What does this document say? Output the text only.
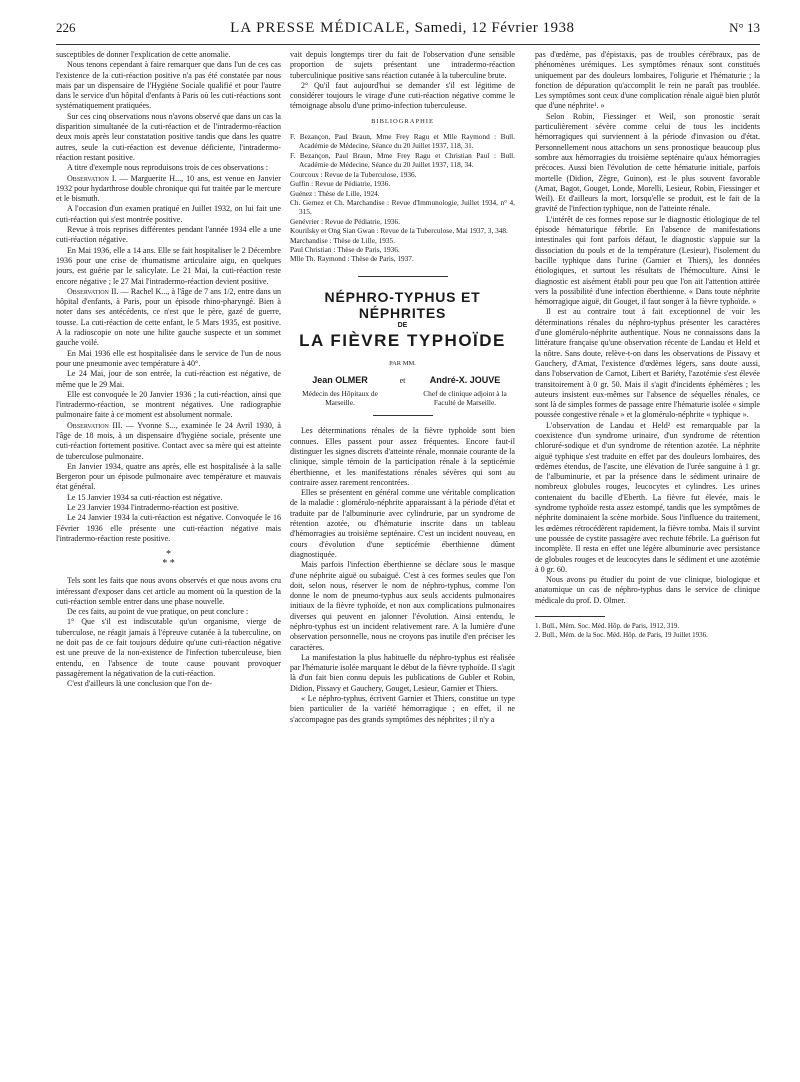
226	LA PRESSE MÉDICALE, Samedi, 12 Février 1938	N° 13

susceptibles de donner l'explication de cette anomalie.

Nous tenons cependant à faire remarquer que dans l'un de ces cas l'existence de la cuti-réaction positive n'a pas été constatée par nous mais par un dispensaire de l'Hygiène Sociale qualifié et pour l'autre dans le service d'un hôpital d'enfants à Paris où les cuti-réactions sont systématiquement pratiquées.

Sur ces cinq observations nous n'avons observé que dans un cas la disparition simultanée de la cuti-réaction et de l'intradermo-réaction deux mois après leur constatation positive tandis que dans les quatre autres, seule la cuti-réaction est devenue déficiente, l'intradermo-réaction restant positive.

A titre d'exemple nous reproduisons trois de ces observations :

Observation I. — Marguerite H..., 10 ans, est venue en Janvier 1932 pour hydarthrose double chronique qui fut traitée par le mercure et le bismuth.

A l'occasion d'un examen pratiqué en Juillet 1932, on lui fait une cuti-réaction qui s'est montrée positive.

Revue à trois reprises différentes pendant l'année 1934 elle a une cuti-réaction négative.

En Mai 1936, elle a 14 ans. Elle se fait hospitaliser le 2 Décembre 1936 pour une crise de rhumatisme articulaire aigu, en quelques jours, est guérie par le salicylate. Le 21 Mai, la cuti-réaction reste encore négative ; le 27 Mai l'intradermo-réaction devient positive.

Observation II. — Rachel K..., à l'âge de 7 ans 1/2, entre dans un hôpital d'enfants, à Paris, pour un épisode rhino-pharyngé. Bien à noter dans ses antécédents, ce n'est que le père, gazé de guerre, tousse. La cuti-réaction de cette enfant, le 5 Mars 1935, est positive. A la radioscopie on note une hilite gauche suspecte et un sommet gauche voilé.

En Mai 1936 elle est hospitalisée dans le service de l'un de nous pour une pneumonie avec température à 40°.

Le 24 Mai, jour de son entrée, la cuti-réaction est négative, de même que le 29 Mai.

Elle est convoquée le 20 Janvier 1936 ; la cuti-réaction, ainsi que l'intradermo-réaction, se montrent négatives. Une radiographie pulmonaire faite à ce moment est absolument normale.

Observation III. — Yvonne S..., examinée le 24 Avril 1930, à l'âge de 18 mois, à un dispensaire d'hygiène sociale, présente une cuti-réaction fortement positive. Contact avec sa mère qui est atteinte de tuberculose pulmonaire.

En Janvier 1934, quatre ans après, elle est hospitalisée à la salle Bergeron pour un épisode pulmonaire avec température et mauvais état général.

Le 15 Janvier 1934 sa cuti-réaction est négative.

Le 23 Janvier 1934 l'intradermo-réaction est positive.

Le 24 Janvier 1934 la cuti-réaction est négative. Convoquée le 16 Février 1936 elle présente une cuti-réaction négative mais l'intradermo-réaction reste positive.

*
* *

Tels sont les faits que nous avons observés et que nous avons cru intéressant d'exposer dans cet article au moment où la question de la cuti-réaction semble entrer dans une phase nouvelle.

De ces faits, au point de vue pratique, on peut conclure :

1° Que s'il est indiscutable qu'un organisme, vierge de tuberculose, ne réagit jamais à l'épreuve cutanée à la tuberculine, on ne doit pas de ce fait toujours déduire qu'une cuti-réaction négative est une preuve de la non-existence de l'infection tuberculeuse, bien entendu, en l'absence de toute cause pouvant provoquer passagèrement la négativation de la cuti-réaction.

C'est d'ailleurs là une conclusion que l'on de-

vait depuis longtemps tirer du fait de l'observation d'une sensible proportion de sujets présentant une intradermo-réaction tuberculinique positive sans réaction cutanée à la tuberculine brute.

2° Qu'il faut aujourd'hui se demander s'il est légitime de considérer toujours le virage d'une cuti-réaction négative comme le témoignage absolu d'une primo-infection tuberculeuse.

BIBLIOGRAPHIE

F. Bezançon, Paul Braun, Mme Frey Ragu et Mlle Raymond : Bull. Académie de Médecine, Séance du 20 Juillet 1937, 118, 31.

F. Bezançon, Paul Braun, Mme Frey Ragu et Christian Paul : Bull. Académie de Médecine, Séance du 20 Juillet 1937, 118, 34.

Courcoux : Revue de la Tuberculose, 1936.

Guffin : Revue de Pédiatrie, 1936.

Guénez : Thèse de Lille, 1924.

Ch. Gernez et Ch. Marchandise : Revue d'Immunologie, Juillet 1934, n° 4, 315.

Genévrier : Revue de Pédiatrie, 1936.

Kourilsky et Ong Sian Gwan : Revue de la Tuberculose, Mai 1937, 3, 348.

Marchandise : Thèse de Lille, 1935.

Paul Christian : Thèse de Paris, 1936.

Mlle Th. Raymond : Thèse de Paris, 1937.

NÉPHRO-TYPHUS ET NÉPHRITES
DE
LA FIÈVRE TYPHOÏDE
PAR MM.
Jean OLMER	et	André-X. JOUVE
Médecin des Hôpitaux de Marseille.
Chef de clinique adjoint à la Faculté de Marseille.

Les déterminations rénales de la fièvre typhoïde sont bien connues. Elles passent pour assez fréquentes. Encore faut-il distinguer les signes discrets d'atteinte rénale, monnaie courante de la clinique, simple témoin de la participation rénale à la septicémie éberthienne, et les manifestations rénales sévères qui sont au contraire assez rarement rencontrées.

Elles se présentent en général comme une véritable complication de la maladie : glomérulo-néphrite apparaissant à la période d'état et traduite par de l'albuminurie avec cylindrurie, par un syndrome de rétention azotée, ou d'hématurie inscrite dans un tableau d'hémorragies au troisième septénaire. C'est un incident nouveau, en cours d'évolution d'une septicémie éberthienne dûment diagnostiquée.

Mais parfois l'infection éberthienne se déclare sous le masque d'une néphrite aiguë ou subaiguë. C'est à ces formes seules que l'on doit, selon nous, réserver le nom de néphro-typhus, comme l'on donne le nom de pneumo-typhus aux seuls accidents pulmonaires initiaux de la fièvre typhoïde, et non aux complications pulmonaires diverses qui peuvent en jalonner l'évolution. Ainsi entendu, le néphro-typhus est un incident relativement rare. A la lumière d'une observation personnelle, nous ne croyons pas inutile d'en préciser les caractères.

La manifestation la plus habituelle du néphro-typhus est réalisée par l'hématurie isolée marquant le début de la fièvre typhoïde. Il s'agit là d'un fait bien connu depuis les publications de Gubler et Robin, Didion, Pissavy et Gauchery, Gouget, Lesieur, Garnier et Thiers.

« Le néphro-typhus, écrivent Garnier et Thiers, constitue un type bien particulier de la variété hémorragique ; en effet, il ne s'accompagne pas des grands symptômes des néphrites ; il n'y a

pas d'œdème, pas d'épistaxis, pas de troubles cérébraux, pas de phénomènes urémiques. Les symptômes rénaux sont constitués uniquement par des douleurs lombaires, l'oligurie et l'hématurie ; la fonction de dépuration qu'accomplit le rein ne paraît pas troublée. Les symptômes sont ceux d'une complication rénale aiguë bien plutôt que d'une néphrite¹. »

Selon Robin, Fiessinger et Weil, son pronostic serait particulièrement sévère comme celui de tous les incidents hémorragiques qui surviennent à la période d'invasion ou d'état. Personnellement nous attachons un sens pronostique beaucoup plus sombre aux hémorragies du troisième septénaire qu'aux hémorragies précoces. Aussi bien l'évolution de cette hématurie initiale, parfois mortelle (Didion, Zègre, Guinon), est le plus souvent favorable (Amat, Bagot, Gouget, Londe, Morelli, Lesieur, Robin, Fiessinger et Weil). Et d'ailleurs la mort, lorsqu'elle se produit, est le fait de la gravité de l'infection typhique, non de l'atteinte rénale.

L'intérêt de ces formes repose sur le diagnostic étiologique de tel épisode hématurique fébrile. En l'absence de manifestations intestinales qui font parfois défaut, le diagnostic s'appuie sur la dissociation du pouls et de la température (Lesieur), l'isolement du bacille typhique dans l'urine (Garnier et Thiers), les données étiologiques, et surtout les résultats de l'hémoculture. Ainsi le diagnostic est aisément établi pour peu que l'on ait l'attention attirée vers la possibilité d'une infection éberthienne. « Dans toute néphrite hémorragique aiguë, dit Gouget, il faut songer à la fièvre typhoïde. »

Il est au contraire tout à fait exceptionnel de voir les déterminations rénales du néphro-typhus présenter les caractères d'une glomérulo-néphrite authentique. Nous ne connaissons dans la littérature française qu'une observation récente de Landau et Held et la nôtre. Sans doute, relève-t-on dans les observations de Pissavy et Gauchery, d'Amat, l'existence d'œdèmes légers, sans doute aussi, dans l'observation de Carnot, Libert et Bariéty, l'azotémie s'est élevée transitoirement à 0 gr. 50. Mais il s'agit d'incidents éphémères ; les auteurs insistent eux-mêmes sur l'absence de séquelles rénales, ce sont là de simples formes de passage entre l'hématurie isolée « simple poussée congestive rénale » et la glomérulo-néphrite « typhique ».

L'observation de Landau et Held² est remarquable par la coexistence d'un syndrome urinaire, d'un syndrome de rétention chloruré-sodique et d'un syndrome de rétention azotée. La néphrite aiguë typhique s'est traduite en effet par des douleurs lombaires, des œdèmes étendus, de l'ascite, une élévation de l'urée sanguine à 1 gr. de l'albuminurie, et par la présence dans le sédiment urinaire de nombreux globules rouges, leucocytes et cylindres. Les urines contenaient du bacille d'Eberth. La fièvre fut élevée, mais le syndrome typhoïde resta assez estompé, tandis que les symptômes de néphrite dominaient la scène morbide. Sous l'influence du traitement, les œdèmes rétrocédèrent rapidement, la fièvre tomba. Mais il survint une poussée de cystite passagère avec rechute fébrile. La guérison fut incomplète. Il resta en effet une légère albuminurie avec persistance de globules rouges et de leucocytes dans le sédiment et une azotémie à 0 gr. 60.

Nous avons pu étudier du point de vue clinique, biologique et anatomique un cas de néphro-typhus dans le service de clinique médicale du prof. D. Olmer.

1. Bull., Mém. Soc. Méd. Hôp. de Paris, 1912, 319.

2. Bull., Mém. de la Soc. Méd. Hôp. de Paris, 19 Juillet 1936.
